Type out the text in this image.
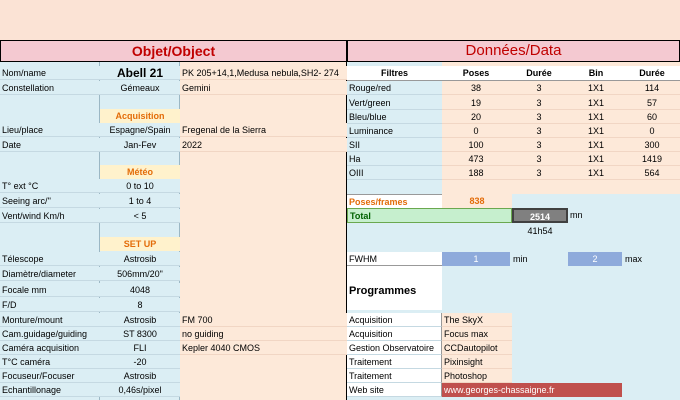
Objet/Object	Données/Data
Nom/name	Abell 21	PK 205+14,1,Medusa nebula,SH2- 274
Constellation	Gémeaux	Gemini
Lieu/place	Espagne/Spain	Fregenal de la Sierra
Date	Jan-Fev	2022
T° ext °C	0 to 10
Seeing arc/''	1 to 4
Vent/wind Km/h	< 5
Télescope	Astrosib
Diamètre/diameter	506mm/20"
Focale mm	4048
F/D	8
Monture/mount	Astrosib	FM 700
Cam.guidage/guiding	ST 8300	no guiding
Caméra acquisition	FLI	Kepler 4040 CMOS
T°C caméra	-20
Focuseur/Focuser	Astrosib
Echantillonage	0,46s/pixel
Acquisition
Météo
SET UP
Filtres	Poses	Durée	Bin	Durée
Rouge/red	38	3	1X1	114
Vert/green	19	3	1X1	57
Bleu/blue	20	3	1X1	60
Luminance	0	3	1X1	0
SII	100	3	1X1	300
Ha	473	3	1X1	1419
OIII	188	3	1X1	564
Poses/frames	838
Total	2514	mn
41h54
FWHM	1	min	2	max
Programmes
Acquisition	The SkyX
Acquisition	Focus max
Gestion Observatoire	CCDautopilot
Traitement	Pixinsight
Traitement	Photoshop
Web site	www.georges-chassaigne.fr
